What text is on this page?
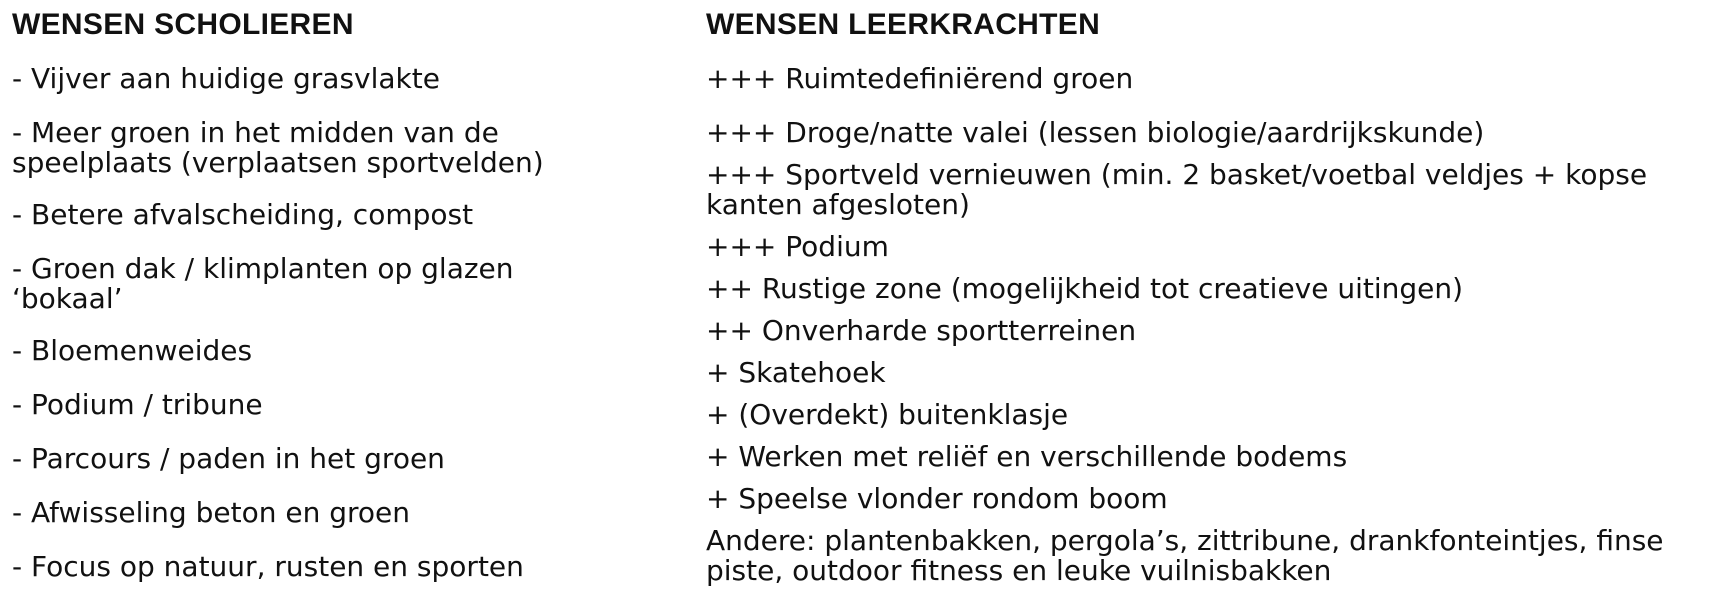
WENSEN SCHOLIEREN
- Vijver aan huidige grasvlakte
- Meer groen in het midden van de
speelplaats (verplaatsen sportvelden)
- Betere afvalscheiding, compost
- Groen dak / klimplanten op glazen
‘bokaal’
- Bloemenweides
- Podium / tribune
- Parcours / paden in het groen
- Afwisseling beton en groen
- Focus op natuur, rusten en sporten
WENSEN LEERKRACHTEN
+++ Ruimtedefiniërend groen
+++ Droge/natte valei (lessen biologie/aardrijkskunde)
+++ Sportveld vernieuwen (min. 2 basket/voetbal veldjes + kopse
kanten afgesloten)
+++ Podium
++ Rustige zone (mogelijkheid tot creatieve uitingen)
++ Onverharde sportterreinen
+ Skatehoek
+ (Overdekt) buitenklasje
+ Werken met reliëf en verschillende bodems
+ Speelse vlonder rondom boom
Andere: plantenbakken, pergola’s, zittribune, drankfonteintjes, finse
piste, outdoor fitness en leuke vuilnisbakken
